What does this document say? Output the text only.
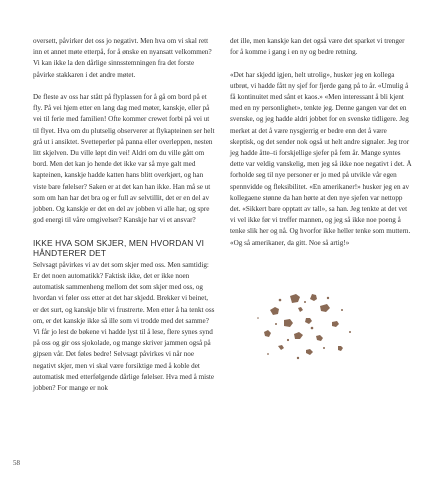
oversett, påvirker det oss jo negativt. Men hva om vi skal rett inn et annet møte etterpå, for å ønske en nyansatt velkommen? Vi kan ikke la den dårlige sinnsstemningen fra det forste påvirke stakkaren i det andre møtet.

De fleste av oss har stått på flyplassen for å gå om bord på et fly. På vei hjem etter en lang dag med møter, kanskje, eller på vei til ferie med familien! Ofte kommer crewet forbi på vei ut til flyet. Hva om du plutselig observerer at flykapteinen ser helt grå ut i ansiktet. Svetteperler på panna eller overleppen, nesten litt skjelven. Du ville løpt din vei! Aldri om du ville gått om bord. Men det kan jo hende det ikke var så mye galt med kapteinen, kanskje hadde katten hans blitt overkjørt, og han viste bare følelser? Saken er at det kan han ikke. Han må se ut som om han har det bra og er full av selvtillit, det er en del av jobben. Og kanskje er det en del av jobben vi alle har, og spre god energi til våre omgivelser? Kanskje har vi et ansvar?

IKKE HVA SOM SKJER, MEN HVORDAN VI HÅNDTERER DET

Selvsagt påvirkes vi av det som skjer med oss. Men samtidig: Er det noen automatikk? Faktisk ikke, det er ikke noen automatisk sammenheng mellom det som skjer med oss, og hvordan vi føler oss etter at det har skjedd. Brekker vi beinet, er det surt, og kanskje blir vi frustrerte. Men etter å ha tenkt oss om, er det kanskje ikke så ille som vi trodde med det samme? Vi får jo lest de bøkene vi hadde lyst til å lese, flere synes synd på oss og gir oss sjokolade, og mange skriver jammen også på gipsen vår. Det føles bedre! Selvsagt påvirkes vi når noe negativt skjer, men vi skal være forsiktige med å koble det automatisk med etterfølgende dårlige følelser. Hva med å miste jobben? For mange er nok

det ille, men kanskje kan det også være det sparket vi trenger for å komme i gang i en ny og bedre retning.

«Det har skjedd igjen, helt utrolig», husker jeg en kollega utbrøt, vi hadde fått ny sjef for fjerde gang på to år. «Umulig å få kontinuitet med sånt et kaos.» «Men interessant å bli kjent med en ny personlighet», tenkte jeg. Denne gangen var det en svenske, og jeg hadde aldri jobbet for en svenske tidligere. Jeg merket at det å være nysgjerrig er bedre enn det å være skeptisk, og det sender nok også ut helt andre signaler. Jeg tror jeg hadde åtte–ti forskjellige sjefer på fem år. Mange syntes dette var veldig vanskelig, men jeg så ikke noe negativt i det. Å forholde seg til nye personer er jo med på utvikle vår egen spennvidde og fleksibilitet. «En amerikaner!» husker jeg en av kollegaene stønne da han hørte at den nye sjefen var nettopp det. «Sikkert bare opptatt av tall», sa han. Jeg tenkte at det vet vi vel ikke før vi treffer mannen, og jeg så ikke noe poeng å tenke slik her og nå. Og hvorfor ikke heller tenke som muttern. «Og så amerikaner, da gitt. Noe så artig!»

58
